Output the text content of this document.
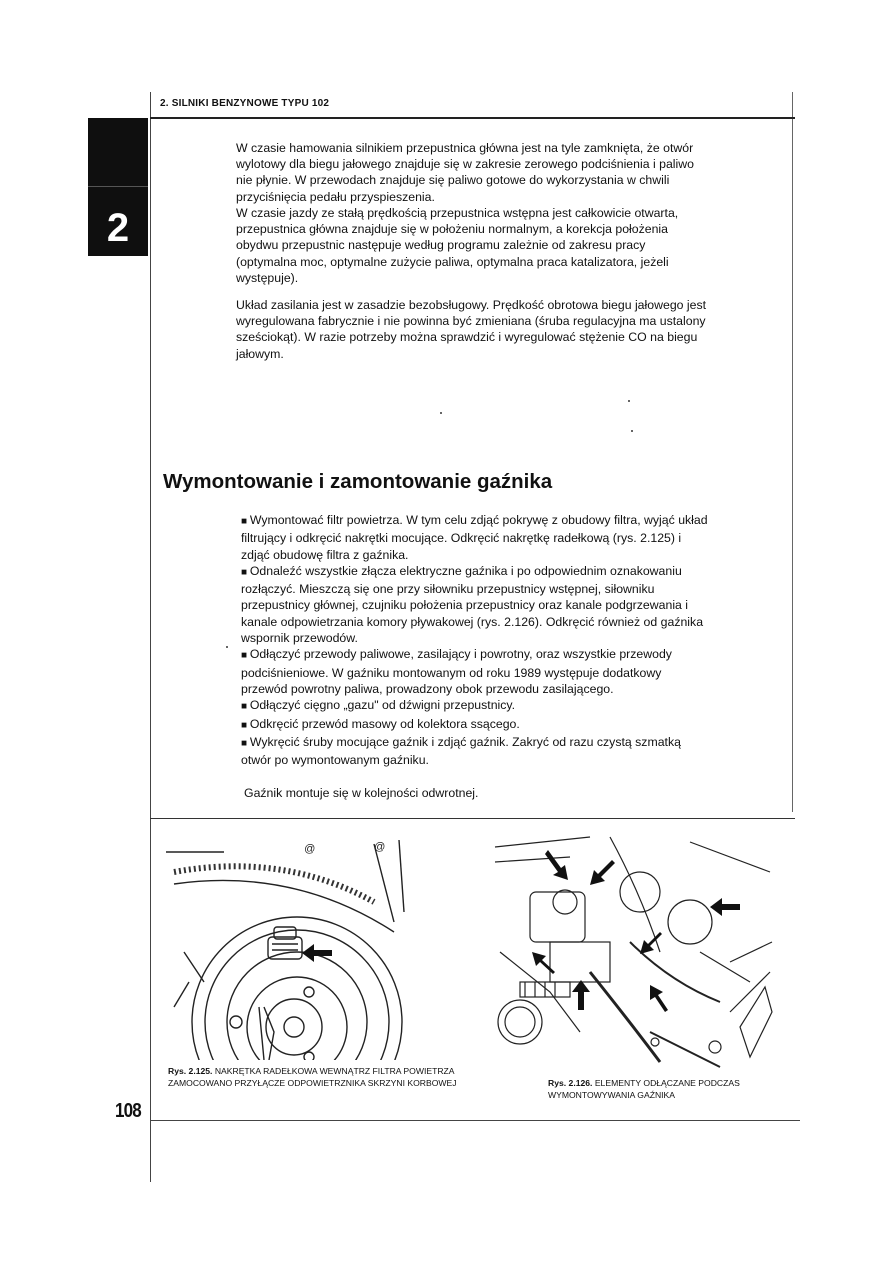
2. SILNIKI BENZYNOWE TYPU 102
2

W czasie hamowania silnikiem przepustnica główna jest na tyle zamknięta, że otwór wylotowy dla biegu jałowego znajduje się w zakresie zerowego podciśnienia i paliwo nie płynie. W przewodach znajduje się paliwo gotowe do wykorzystania w chwili przyciśnięcia pedału przyspieszenia.

W czasie jazdy ze stałą prędkością przepustnica wstępna jest całkowicie otwarta, przepustnica główna znajduje się w położeniu normalnym, a korekcja położenia obydwu przepustnic następuje według programu zależnie od zakresu pracy (optymalna moc, optymalne zużycie paliwa, optymalna praca katalizatora, jeżeli występuje).

Układ zasilania jest w zasadzie bezobsługowy. Prędkość obrotowa biegu jałowego jest wyregulowana fabrycznie i nie powinna być zmieniana (śruba regulacyjna ma ustalony sześciokąt). W razie potrzeby można sprawdzić i wyregulować stężenie CO na biegu jałowym.

Wymontowanie i zamontowanie gaźnika
■ Wymontować filtr powietrza. W tym celu zdjąć pokrywę z obudowy filtra, wyjąć układ filtrujący i odkręcić nakrętki mocujące. Odkręcić nakrętkę radełkową (rys. 2.125) i zdjąć obudowę filtra z gaźnika.
■ Odnaleźć wszystkie złącza elektryczne gaźnika i po odpowiednim oznakowaniu rozłączyć. Mieszczą się one przy siłowniku przepustnicy wstępnej, siłowniku przepustnicy głównej, czujniku położenia przepustnicy oraz kanale podgrzewania i kanale odpowietrzania komory pływakowej (rys. 2.126). Odkręcić również od gaźnika wspornik przewodów.
■ Odłączyć przewody paliwowe, zasilający i powrotny, oraz wszystkie przewody podciśnieniowe. W gaźniku montowanym od roku 1989 występuje dodatkowy przewód powrotny paliwa, prowadzony obok przewodu zasilającego.
■ Odłączyć cięgno „gazu" od dźwigni przepustnicy.
■ Odkręcić przewód masowy od kolektora ssącego.
■ Wykręcić śruby mocujące gaźnik i zdjąć gaźnik. Zakryć od razu czystą szmatką otwór po wymontowanym gaźniku.

Gaźnik montuje się w kolejności odwrotnej.

@	@

Rys. 2.125. NAKRĘTKA RADEŁKOWA WEWNĄTRZ FILTRA POWIETRZA ZAMOCOWANO PRZYŁĄCZE ODPOWIETRZNIKA SKRZYNI KORBOWEJ	Rys. 2.126. ELEMENTY ODŁĄCZANE PODCZAS WYMONTOWYWANIA GAŹNIKA

108
